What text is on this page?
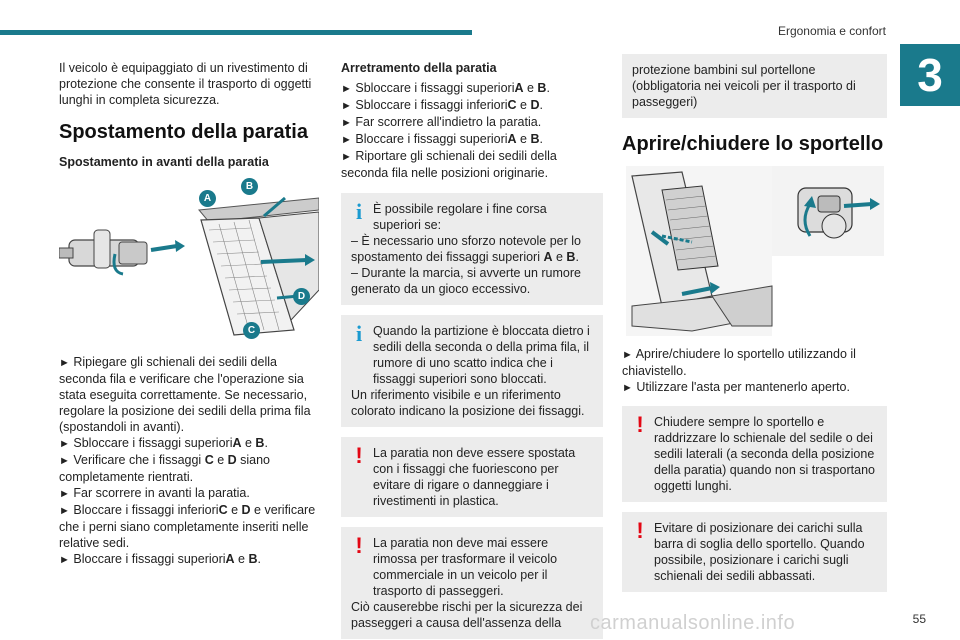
Ergonomia e confort
3

Il veicolo è equipaggiato di un rivestimento di protezione che consente il trasporto di oggetti lunghi in completa sicurezza.

Spostamento della paratia
Spostamento in avanti della paratia
A
B
C
D

► Ripiegare gli schienali dei sedili della seconda fila e verificare che l'operazione sia stata eseguita correttamente. Se necessario, regolare la posizione dei sedili della prima fila (spostandoli in avanti).

► Sbloccare i fissaggi superioriA e B.

► Verificare che i fissaggi C e D siano completamente rientrati.

► Far scorrere in avanti la paratia.

► Bloccare i fissaggi inferioriC e D e verificare che i perni siano completamente inseriti nelle relative sedi.

► Bloccare i fissaggi superioriA e B.

Arretramento della paratia

► Sbloccare i fissaggi superioriA e B.

► Sbloccare i fissaggi inferioriC e D.

► Far scorrere all'indietro la paratia.

► Bloccare i fissaggi superioriA e B.

► Riportare gli schienali dei sedili della seconda fila nelle posizioni originarie.

i È possibile regolare i fine corsa superiori se:

– È necessario uno sforzo notevole per lo spostamento dei fissaggi superiori A e B.

– Durante la marcia, si avverte un rumore generato da un gioco eccessivo.

i Quando la partizione è bloccata dietro i sedili della seconda o della prima fila, il rumore di uno scatto indica che i fissaggi superiori sono bloccati.

Un riferimento visibile e un riferimento colorato indicano la posizione dei fissaggi.

! La paratia non deve essere spostata con i fissaggi che fuoriescono per evitare di rigare o danneggiare i rivestimenti in plastica.

! La paratia non deve mai essere rimossa per trasformare il veicolo commerciale in un veicolo per il trasporto di passeggeri.

Ciò causerebbe rischi per la sicurezza dei passeggeri a causa dell'assenza della

protezione bambini sul portellone (obbligatoria nei veicoli per il trasporto di passeggeri)

Aprire/chiudere lo sportello

► Aprire/chiudere lo sportello utilizzando il chiavistello.

► Utilizzare l'asta per mantenerlo aperto.

! Chiudere sempre lo sportello e raddrizzare lo schienale del sedile o dei sedili laterali (a seconda della posizione della paratia) quando non si trasportano oggetti lunghi.

! Evitare di posizionare dei carichi sulla barra di soglia dello sportello. Quando possibile, posizionare i carichi sugli schienali dei sedili abbassati.

carmanualsonline.info	55
